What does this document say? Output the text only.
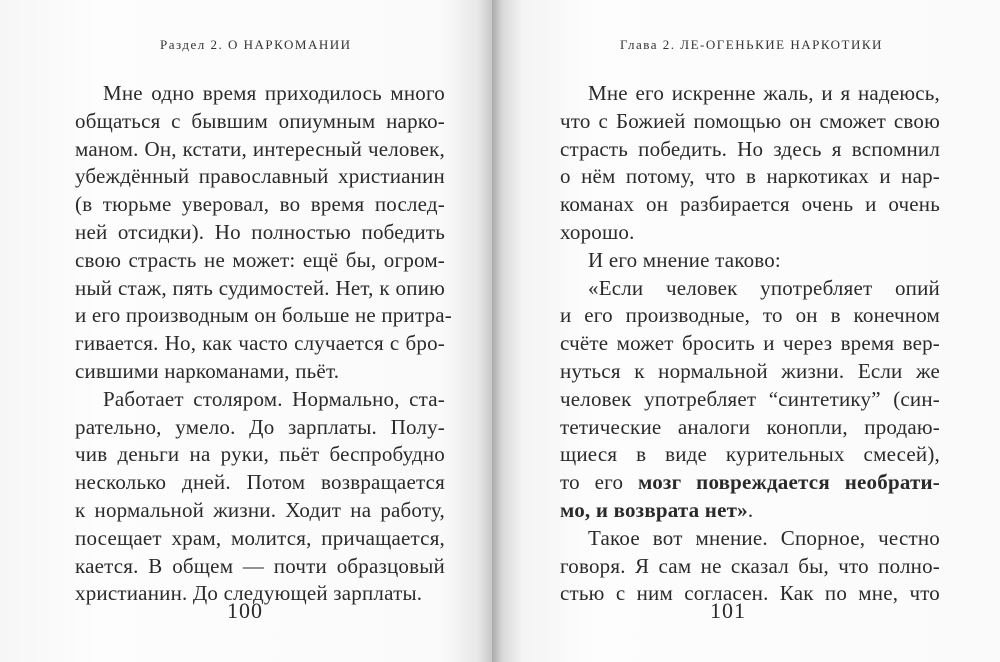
Раздел 2. О НАРКОМАНИИ
Мне одно время приходилось много
общаться с бывшим опиумным нарко-
маном. Он, кстати, интересный человек,
убеждённый православный христианин
(в тюрьме уверовал, во время послед-
ней отсидки). Но полностью победить
свою страсть не может: ещё бы, огром-
ный стаж, пять судимостей. Нет, к опию
и его производным он больше не притра-
гивается. Но, как часто случается с бро-
сившими наркоманами, пьёт.
Работает столяром. Нормально, ста-
рательно, умело. До зарплаты. Полу-
чив деньги на руки, пьёт беспробудно
несколько дней. Потом возвращается
к нормальной жизни. Ходит на работу,
посещает храм, молится, причащается,
кается. В общем — почти образцовый
христианин. До следующей зарплаты.
100
Глава 2. ЛЕ-ОГЕНЬКИЕ НАРКОТИКИ
Мне его искренне жаль, и я надеюсь,
что с Божией помощью он сможет свою
страсть победить. Но здесь я вспомнил
о нём потому, что в наркотиках и нар-
команах он разбирается очень и очень
хорошо.
И его мнение таково:
«Если человек употребляет опий
и его производные, то он в конечном
счёте может бросить и через время вер-
нуться к нормальной жизни. Если же
человек употребляет “синтетику” (син-
тетические аналоги конопли, продаю-
щиеся в виде курительных смесей),
то его мозг повреждается необрати-
мо, и возврата нет».
Такое вот мнение. Спорное, честно
говоря. Я сам не сказал бы, что полно-
стью с ним согласен. Как по мне, что
101
